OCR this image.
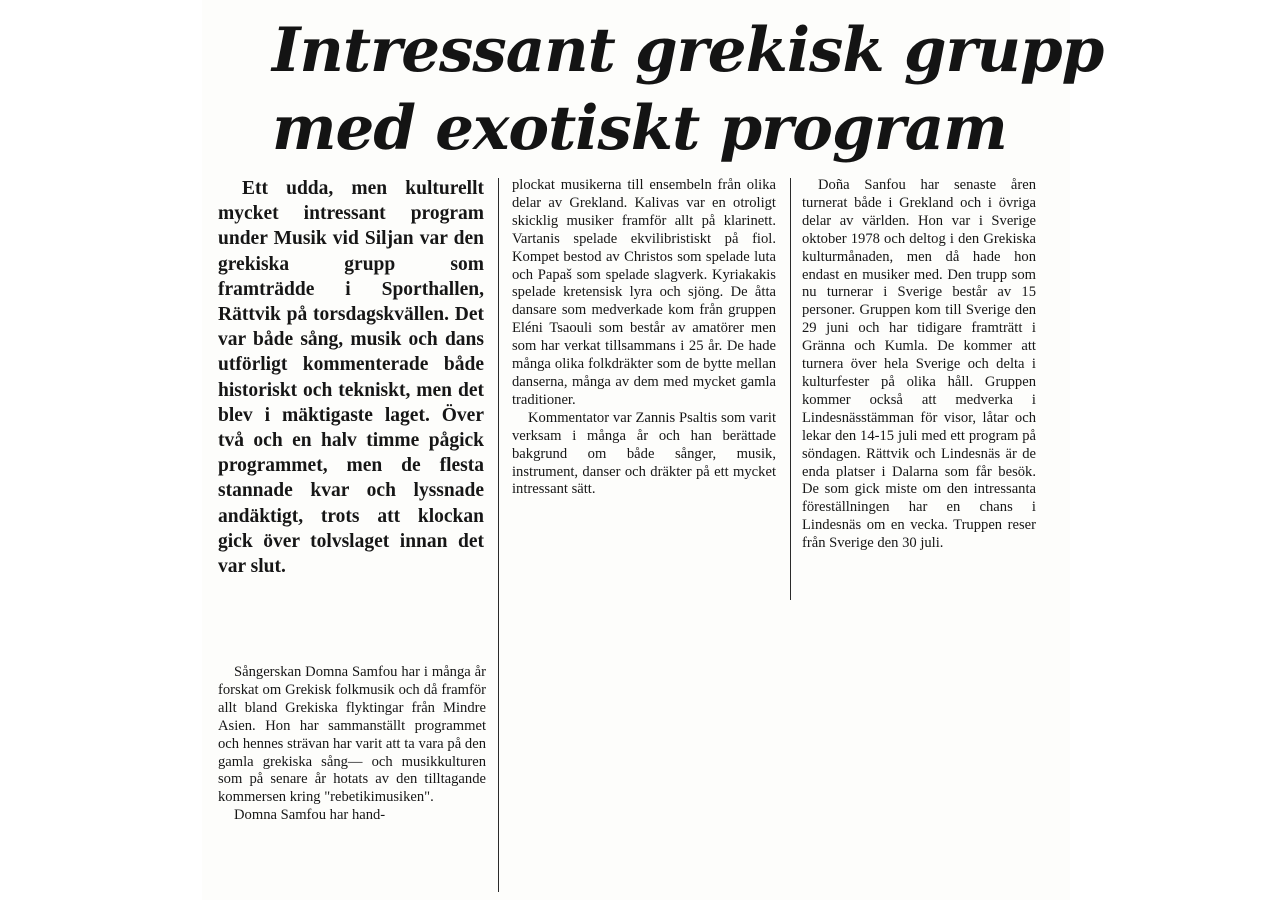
Intressant grekisk grupp
med exotiskt program

Ett udda, men kulturellt mycket intressant program under Musik vid Siljan var den grekiska grupp som framträdde i Sporthallen, Rättvik på torsdagskvällen. Det var både sång, musik och dans utförligt kommenterade både historiskt och tekniskt, men det blev i mäktigaste laget. Över två och en halv timme pågick programmet, men de flesta stannade kvar och lyssnade andäktigt, trots att klockan gick över tolvslaget innan det var slut.

Sångerskan Domna Samfou har i många år forskat om Grekisk folkmusik och då framför allt bland Grekiska flyktingar från Mindre Asien. Hon har sammanställt programmet och hennes strävan har varit att ta vara på den gamla grekiska sång— och musikkulturen som på senare år hotats av den tilltagande kommersen kring "rebetikimusiken".

Domna Samfou har hand-

plockat musikerna till ensembeln från olika delar av Grekland. Kalivas var en otroligt skicklig musiker framför allt på klarinett. Vartanis spelade ekvilibristiskt på fiol. Kompet bestod av Christos som spelade luta och Papaš som spelade slagverk. Kyriakakis spelade kretensisk lyra och sjöng. De åtta dansare som medverkade kom från gruppen Eléni Tsaouli som består av amatörer men som har verkat tillsammans i 25 år. De hade många olika folkdräkter som de bytte mellan danserna, många av dem med mycket gamla traditioner.

Kommentator var Zannis Psaltis som varit verksam i många år och han berättade bakgrund om både sånger, musik, instrument, danser och dräkter på ett mycket intressant sätt.

Doña Sanfou har senaste åren turnerat både i Grekland och i övriga delar av världen. Hon var i Sverige oktober 1978 och deltog i den Grekiska kulturmånaden, men då hade hon endast en musiker med. Den trupp som nu turnerar i Sverige består av 15 personer. Gruppen kom till Sverige den 29 juni och har tidigare framträtt i Gränna och Kumla. De kommer att turnera över hela Sverige och delta i kulturfester på olika håll. Gruppen kommer också att medverka i Lindesnässtämman för visor, låtar och lekar den 14-15 juli med ett program på söndagen. Rättvik och Lindesnäs är de enda platser i Dalarna som får besök. De som gick miste om den intressanta föreställningen har en chans i Lindesnäs om en vecka. Truppen reser från Sverige den 30 juli.
